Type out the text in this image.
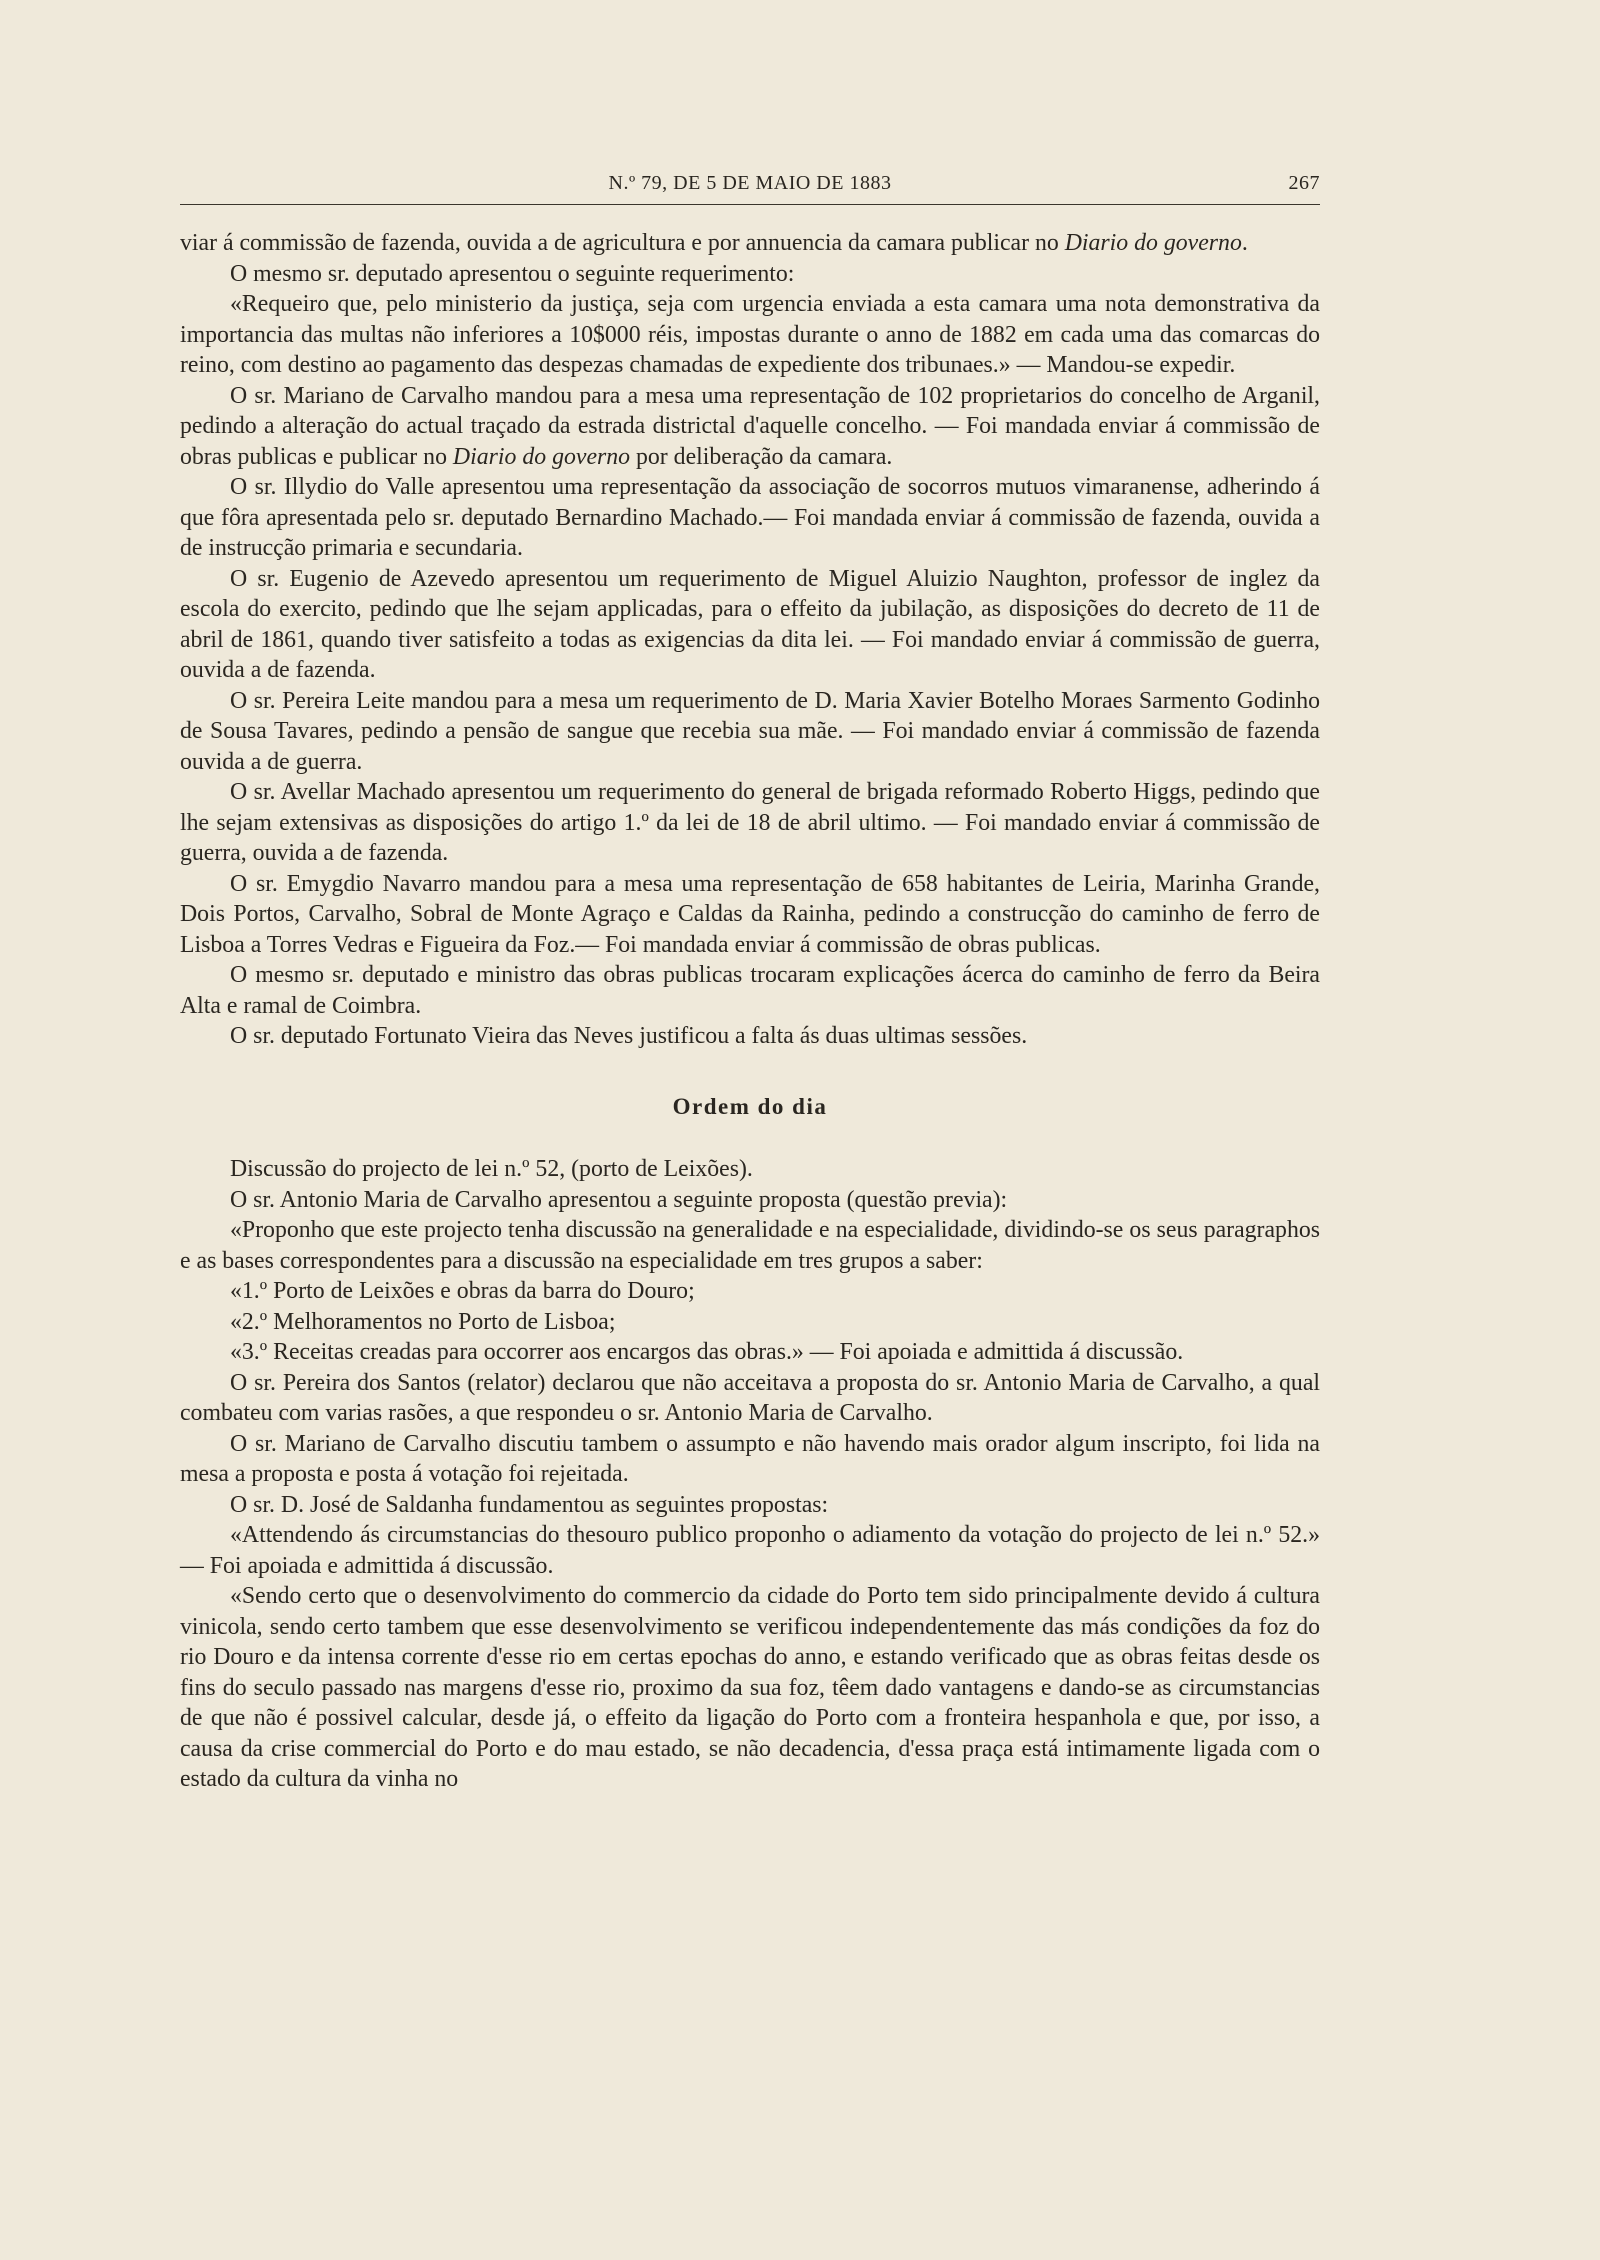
N.º 79, DE 5 DE MAIO DE 1883	267

viar á commissão de fazenda, ouvida a de agricultura e por annuencia da camara publicar no Diario do governo.

O mesmo sr. deputado apresentou o seguinte requerimento:

«Requeiro que, pelo ministerio da justiça, seja com urgencia enviada a esta camara uma nota demonstrativa da importancia das multas não inferiores a 10$000 réis, impostas durante o anno de 1882 em cada uma das comarcas do reino, com destino ao pagamento das despezas chamadas de expediente dos tribunaes.» — Mandou-se expedir.

O sr. Mariano de Carvalho mandou para a mesa uma representação de 102 proprietarios do concelho de Arganil, pedindo a alteração do actual traçado da estrada districtal d'aquelle concelho. — Foi mandada enviar á commissão de obras publicas e publicar no Diario do governo por deliberação da camara.

O sr. Illydio do Valle apresentou uma representação da associação de socorros mutuos vimaranense, adherindo á que fôra apresentada pelo sr. deputado Bernardino Machado.— Foi mandada enviar á commissão de fazenda, ouvida a de instrucção primaria e secundaria.

O sr. Eugenio de Azevedo apresentou um requerimento de Miguel Aluizio Naughton, professor de inglez da escola do exercito, pedindo que lhe sejam applicadas, para o effeito da jubilação, as disposições do decreto de 11 de abril de 1861, quando tiver satisfeito a todas as exigencias da dita lei. — Foi mandado enviar á commissão de guerra, ouvida a de fazenda.

O sr. Pereira Leite mandou para a mesa um requerimento de D. Maria Xavier Botelho Moraes Sarmento Godinho de Sousa Tavares, pedindo a pensão de sangue que recebia sua mãe. — Foi mandado enviar á commissão de fazenda ouvida a de guerra.

O sr. Avellar Machado apresentou um requerimento do general de brigada reformado Roberto Higgs, pedindo que lhe sejam extensivas as disposições do artigo 1.º da lei de 18 de abril ultimo. — Foi mandado enviar á commissão de guerra, ouvida a de fazenda.

O sr. Emygdio Navarro mandou para a mesa uma representação de 658 habitantes de Leiria, Marinha Grande, Dois Portos, Carvalho, Sobral de Monte Agraço e Caldas da Rainha, pedindo a construcção do caminho de ferro de Lisboa a Torres Vedras e Figueira da Foz.— Foi mandada enviar á commissão de obras publicas.

O mesmo sr. deputado e ministro das obras publicas trocaram explicações ácerca do caminho de ferro da Beira Alta e ramal de Coimbra.

O sr. deputado Fortunato Vieira das Neves justificou a falta ás duas ultimas sessões.

Ordem do dia

Discussão do projecto de lei n.º 52, (porto de Leixões).

O sr. Antonio Maria de Carvalho apresentou a seguinte proposta (questão previa):

«Proponho que este projecto tenha discussão na generalidade e na especialidade, dividindo-se os seus paragraphos e as bases correspondentes para a discussão na especialidade em tres grupos a saber:

«1.º Porto de Leixões e obras da barra do Douro;

«2.º Melhoramentos no Porto de Lisboa;

«3.º Receitas creadas para occorrer aos encargos das obras.» — Foi apoiada e admittida á discussão.

O sr. Pereira dos Santos (relator) declarou que não acceitava a proposta do sr. Antonio Maria de Carvalho, a qual combateu com varias rasões, a que respondeu o sr. Antonio Maria de Carvalho.

O sr. Mariano de Carvalho discutiu tambem o assumpto e não havendo mais orador algum inscripto, foi lida na mesa a proposta e posta á votação foi rejeitada.

O sr. D. José de Saldanha fundamentou as seguintes propostas:

«Attendendo ás circumstancias do thesouro publico proponho o adiamento da votação do projecto de lei n.º 52.» — Foi apoiada e admittida á discussão.

«Sendo certo que o desenvolvimento do commercio da cidade do Porto tem sido principalmente devido á cultura vinicola, sendo certo tambem que esse desenvolvimento se verificou independentemente das más condições da foz do rio Douro e da intensa corrente d'esse rio em certas epochas do anno, e estando verificado que as obras feitas desde os fins do seculo passado nas margens d'esse rio, proximo da sua foz, têem dado vantagens e dando-se as circumstancias de que não é possivel calcular, desde já, o effeito da ligação do Porto com a fronteira hespanhola e que, por isso, a causa da crise commercial do Porto e do mau estado, se não decadencia, d'essa praça está intimamente ligada com o estado da cultura da vinha no
